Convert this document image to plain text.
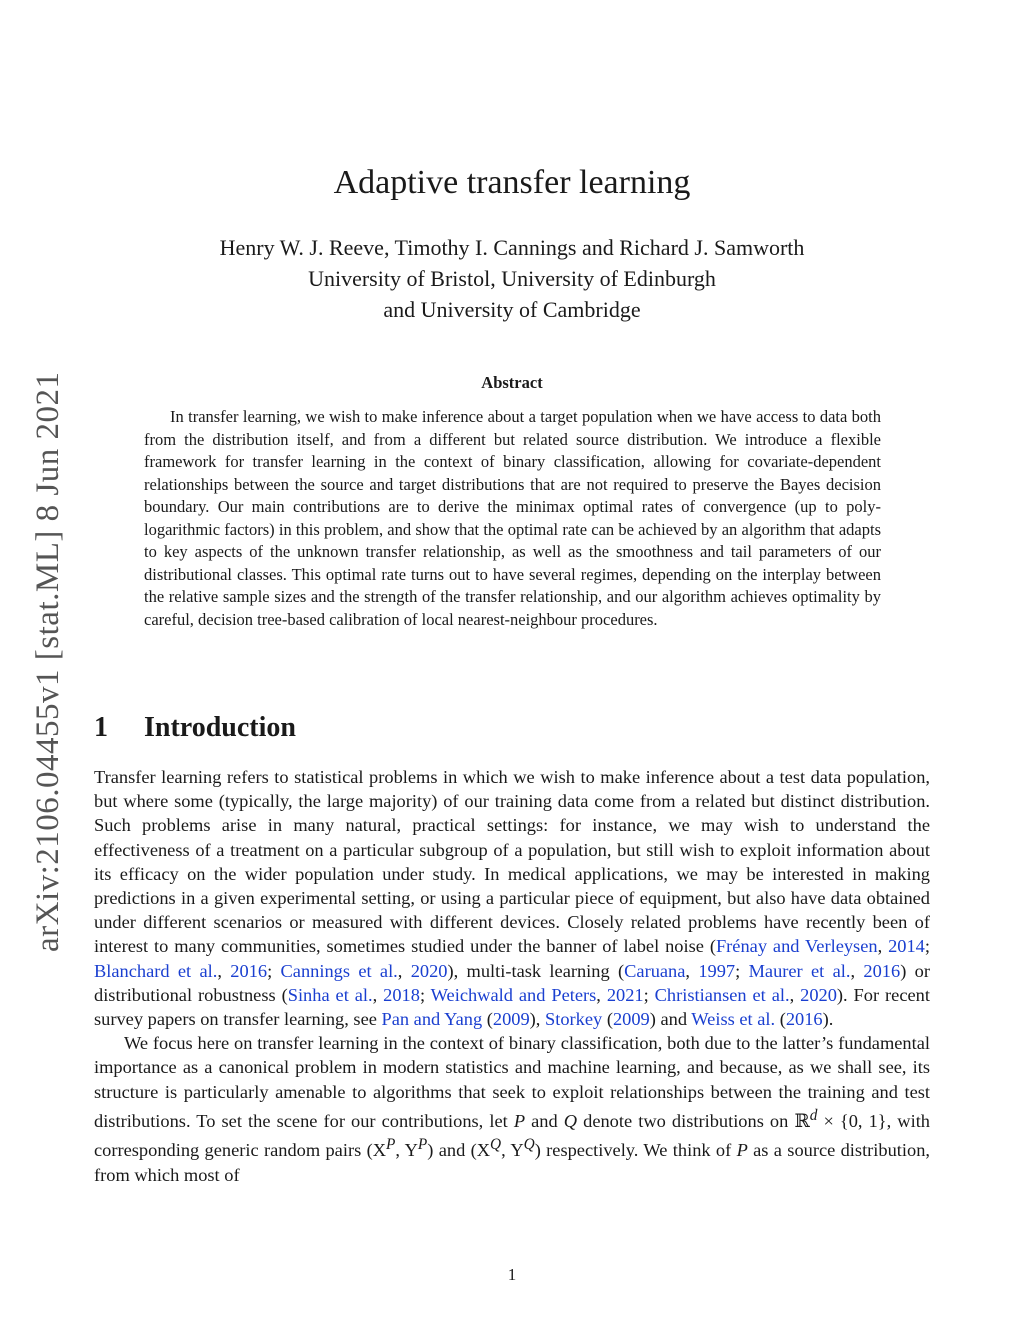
arXiv:2106.04455v1 [stat.ML] 8 Jun 2021
Adaptive transfer learning
Henry W. J. Reeve, Timothy I. Cannings and Richard J. Samworth
University of Bristol, University of Edinburgh
and University of Cambridge
Abstract

In transfer learning, we wish to make inference about a target population when we have access to data both from the distribution itself, and from a different but related source distribution. We introduce a flexible framework for transfer learning in the context of binary classification, allowing for covariate-dependent relationships between the source and target distributions that are not required to preserve the Bayes decision boundary. Our main contributions are to derive the minimax optimal rates of convergence (up to poly-logarithmic factors) in this problem, and show that the optimal rate can be achieved by an algorithm that adapts to key aspects of the unknown transfer relationship, as well as the smoothness and tail parameters of our distributional classes. This optimal rate turns out to have several regimes, depending on the interplay between the relative sample sizes and the strength of the transfer relationship, and our algorithm achieves optimality by careful, decision tree-based calibration of local nearest-neighbour procedures.

1 Introduction

Transfer learning refers to statistical problems in which we wish to make inference about a test data population, but where some (typically, the large majority) of our training data come from a related but distinct distribution. Such problems arise in many natural, practical settings: for instance, we may wish to understand the effectiveness of a treatment on a particular subgroup of a population, but still wish to exploit information about its efficacy on the wider population under study. In medical applications, we may be interested in making predictions in a given experimental setting, or using a particular piece of equipment, but also have data obtained under different scenarios or measured with different devices. Closely related problems have recently been of interest to many communities, sometimes studied under the banner of label noise (Frénay and Verleysen, 2014; Blanchard et al., 2016; Cannings et al., 2020), multi-task learning (Caruana, 1997; Maurer et al., 2016) or distributional robustness (Sinha et al., 2018; Weichwald and Peters, 2021; Christiansen et al., 2020). For recent survey papers on transfer learning, see Pan and Yang (2009), Storkey (2009) and Weiss et al. (2016).

We focus here on transfer learning in the context of binary classification, both due to the latter’s fundamental importance as a canonical problem in modern statistics and machine learning, and because, as we shall see, its structure is particularly amenable to algorithms that seek to exploit relationships between the training and test distributions. To set the scene for our contributions, let P and Q denote two distributions on ℝ$^d$ × {0, 1}, with corresponding generic random pairs ($X^P$, $Y^P$) and ($X^Q$, $Y^Q$) respectively. We think of P as a source distribution, from which most of

1
